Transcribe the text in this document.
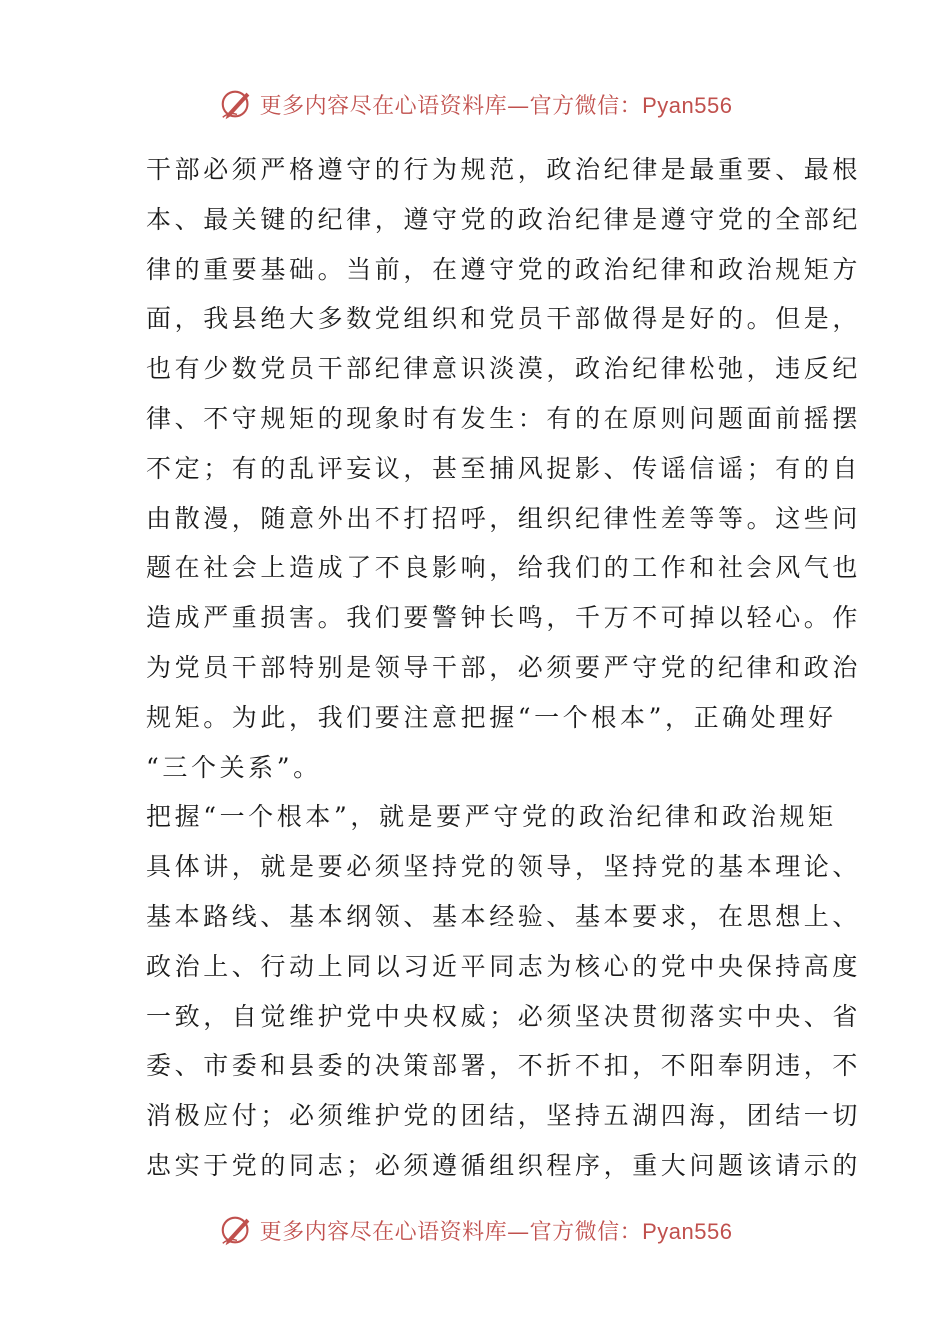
更多内容尽在心语资料库—官方微信：Pyan556
干部必须严格遵守的行为规范，政治纪律是最重要、最根
本、最关键的纪律，遵守党的政治纪律是遵守党的全部纪
律的重要基础。当前，在遵守党的政治纪律和政治规矩方
面，我县绝大多数党组织和党员干部做得是好的。但是，
也有少数党员干部纪律意识淡漠，政治纪律松弛，违反纪
律、不守规矩的现象时有发生：有的在原则问题面前摇摆
不定；有的乱评妄议，甚至捕风捉影、传谣信谣；有的自
由散漫，随意外出不打招呼，组织纪律性差等等。这些问
题在社会上造成了不良影响，给我们的工作和社会风气也
造成严重损害。我们要警钟长鸣，千万不可掉以轻心。作
为党员干部特别是领导干部，必须要严守党的纪律和政治
规矩。为此，我们要注意把握“一个根本”，正确处理好
“三个关系”。
把握“一个根本”，就是要严守党的政治纪律和政治规矩
具体讲，就是要必须坚持党的领导，坚持党的基本理论、
基本路线、基本纲领、基本经验、基本要求，在思想上、
政治上、行动上同以习近平同志为核心的党中央保持高度
一致，自觉维护党中央权威；必须坚决贯彻落实中央、省
委、市委和县委的决策部署，不折不扣，不阳奉阴违，不
消极应付；必须维护党的团结，坚持五湖四海，团结一切
忠实于党的同志；必须遵循组织程序，重大问题该请示的
更多内容尽在心语资料库—官方微信：Pyan556
